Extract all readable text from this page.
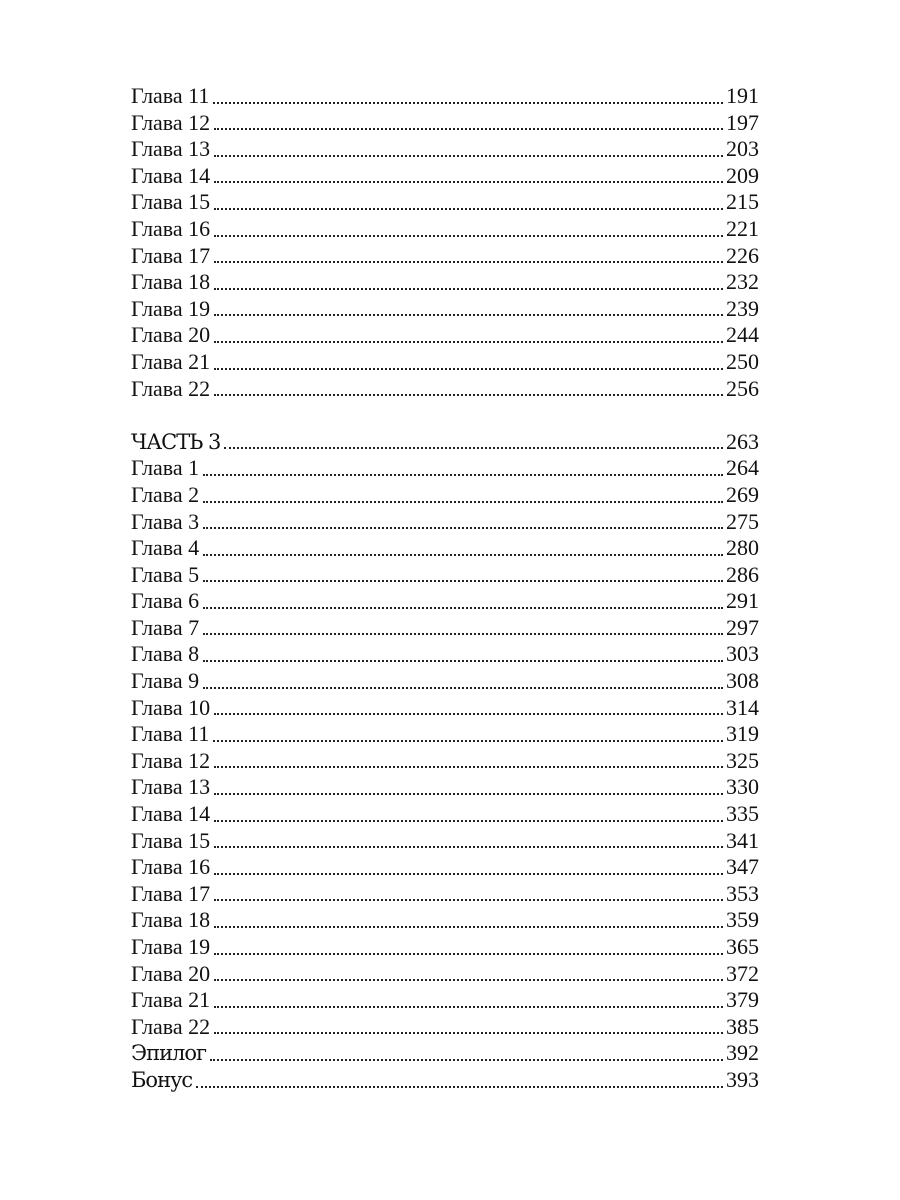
Глава 11	191
Глава 12	197
Глава 13	203
Глава 14	209
Глава 15	215
Глава 16	221
Глава 17	226
Глава 18	232
Глава 19	239
Глава 20	244
Глава 21	250
Глава 22	256
ЧАСТЬ 3	263
Глава 1	264
Глава 2	269
Глава 3	275
Глава 4	280
Глава 5	286
Глава 6	291
Глава 7	297
Глава 8	303
Глава 9	308
Глава 10	314
Глава 11	319
Глава 12	325
Глава 13	330
Глава 14	335
Глава 15	341
Глава 16	347
Глава 17	353
Глава 18	359
Глава 19	365
Глава 20	372
Глава 21	379
Глава 22	385
Эпилог	392
Бонус	393
